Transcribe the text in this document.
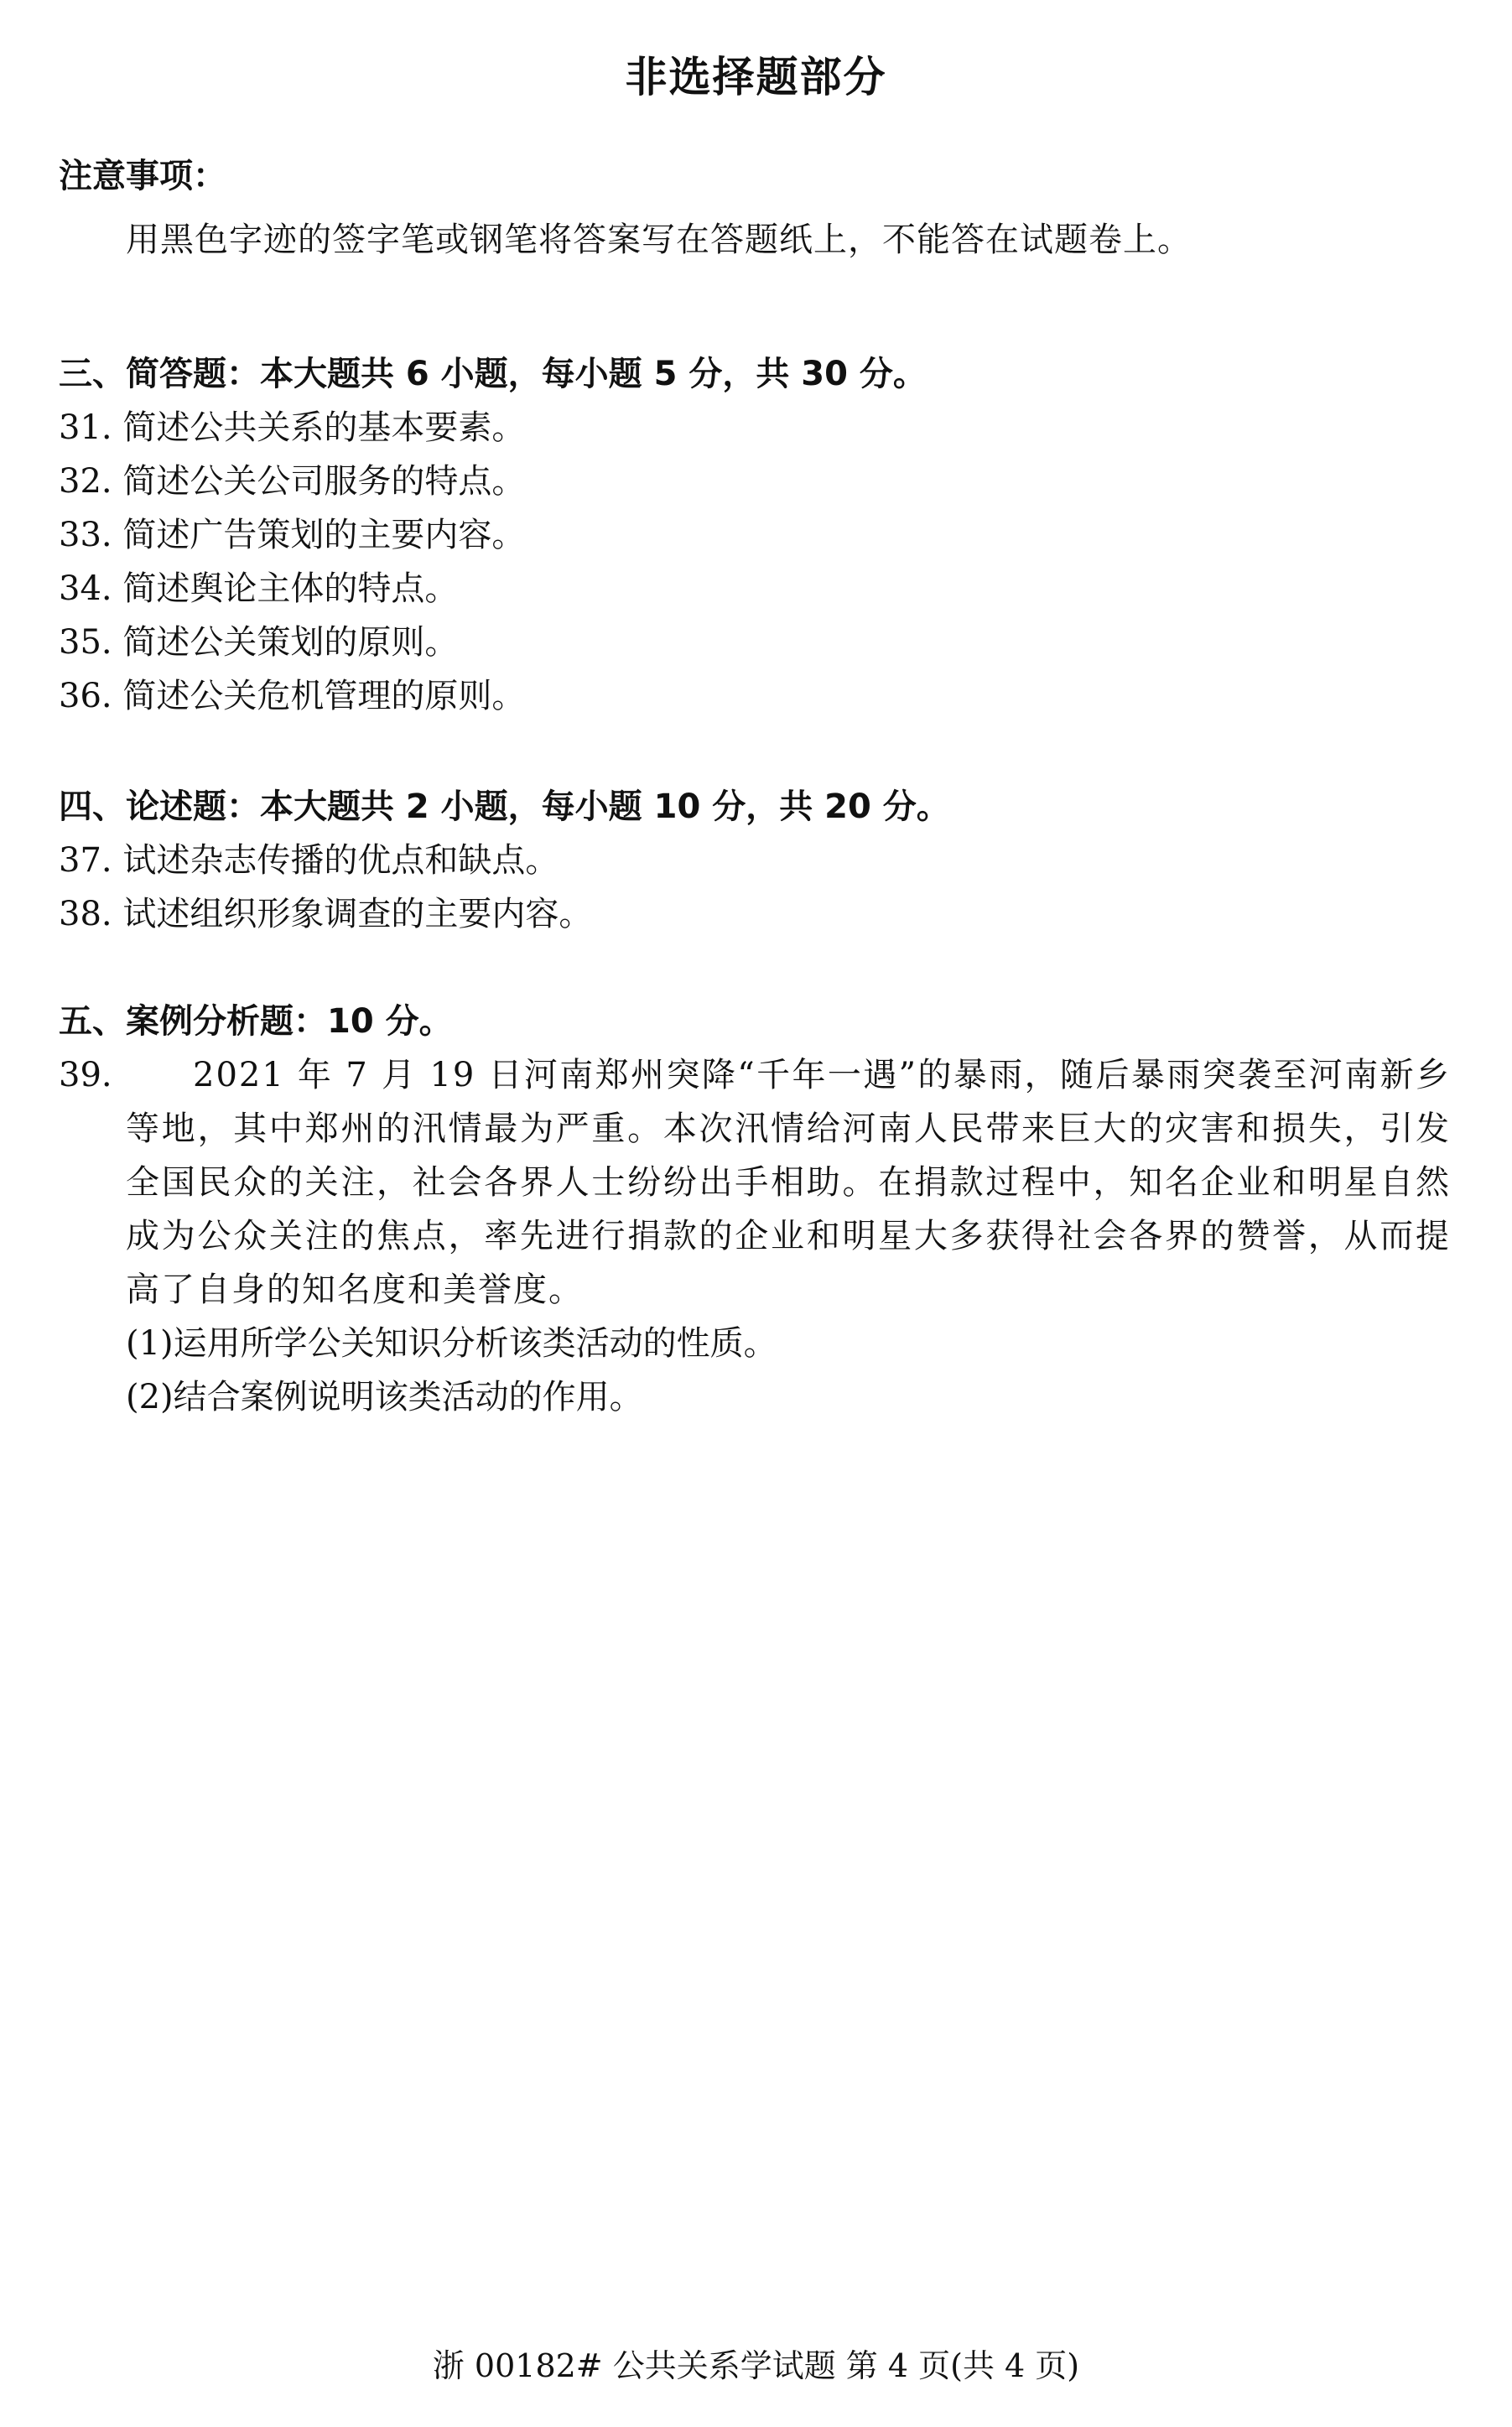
非选择题部分
注意事项：
用黑色字迹的签字笔或钢笔将答案写在答题纸上，不能答在试题卷上。
三、简答题：本大题共 6 小题，每小题 5 分，共 30 分。
31. 简述公共关系的基本要素。
32. 简述公关公司服务的特点。
33. 简述广告策划的主要内容。
34. 简述舆论主体的特点。
35. 简述公关策划的原则。
36. 简述公关危机管理的原则。
四、论述题：本大题共 2 小题，每小题 10 分，共 20 分。
37. 试述杂志传播的优点和缺点。
38. 试述组织形象调查的主要内容。
五、案例分析题：10 分。
39.	2021 年 7 月 19 日河南郑州突降“千年一遇”的暴雨，随后暴雨突袭至河南新乡等地，其中郑州的汛情最为严重。本次汛情给河南人民带来巨大的灾害和损失，引发全国民众的关注，社会各界人士纷纷出手相助。在捐款过程中，知名企业和明星自然成为公众关注的焦点，率先进行捐款的企业和明星大多获得社会各界的赞誉，从而提高了自身的知名度和美誉度。
(1)运用所学公关知识分析该类活动的性质。
(2)结合案例说明该类活动的作用。
浙 00182# 公共关系学试题 第 4 页(共 4 页)
